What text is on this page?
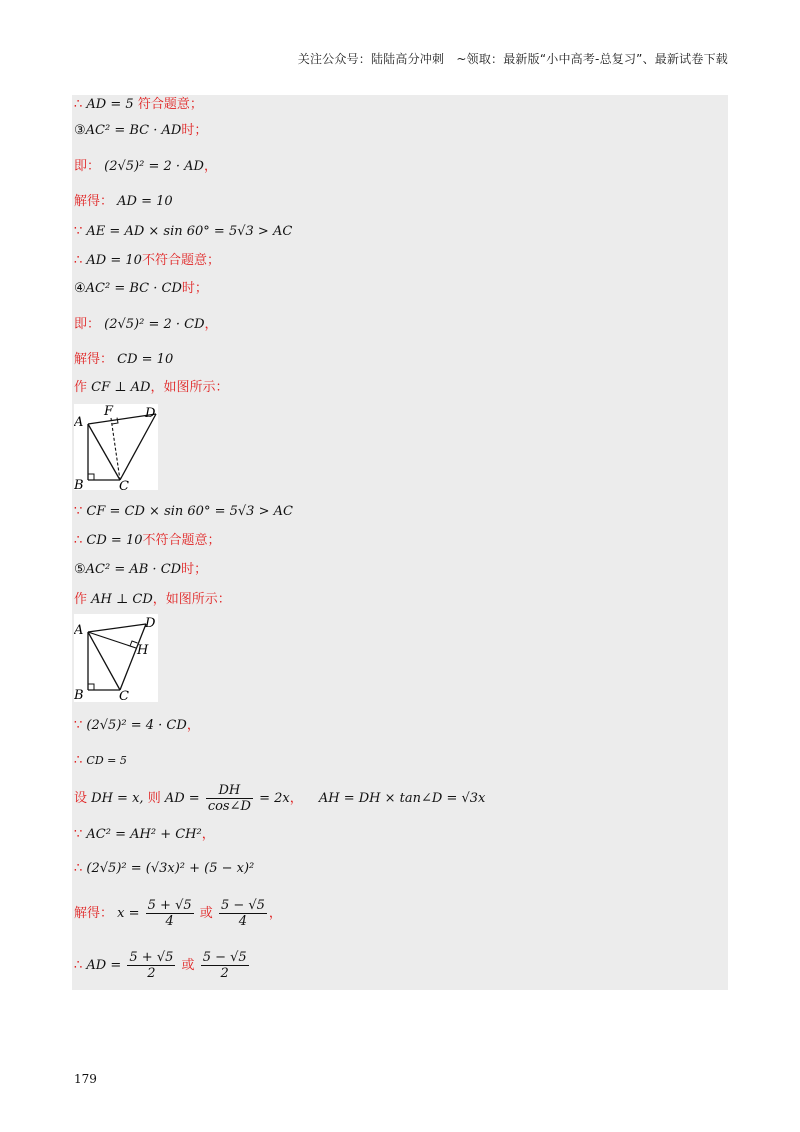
关注公众号：陆陆高分冲刺　~领取：最新版“小中高考-总复习”、最新试卷下载
∴ AD = 5 符合题意；
③AC² = BC · AD时；
即： (2√5)² = 2 · AD，
解得： AD = 10
∵ AE = AD × sin 60° = 5√3 > AC
∴ AD = 10不符合题意；
④AC² = BC · CD时；
即： (2√5)² = 2 · CD，
解得： CD = 10
作 CF ⊥ AD，如图所示：
A
B	C
D
F
∵ CF = CD × sin 60° = 5√3 > AC
∴ CD = 10不符合题意；
⑤AC² = AB · CD时；
作 AH ⊥ CD，如图所示：
A
B	C
D
H
∵ (2√5)² = 4 · CD，
∴ CD = 5
设 DH = x, 则 AD = $\frac{DH}{\cos\angle D} = 2x$， AH = DH × tan∠D = √3x
∵ AC² = AH² + CH²，
∴ (2√5)² = (√3x)² + (5 − x)²
解得： $x = \frac{5 + √5}{4}$ 或 $\frac{5 - √5}{4}$ ，
∴ AD = $\frac{5 + √5}{2}$ 或 $\frac{5 - √5}{2}$
179
